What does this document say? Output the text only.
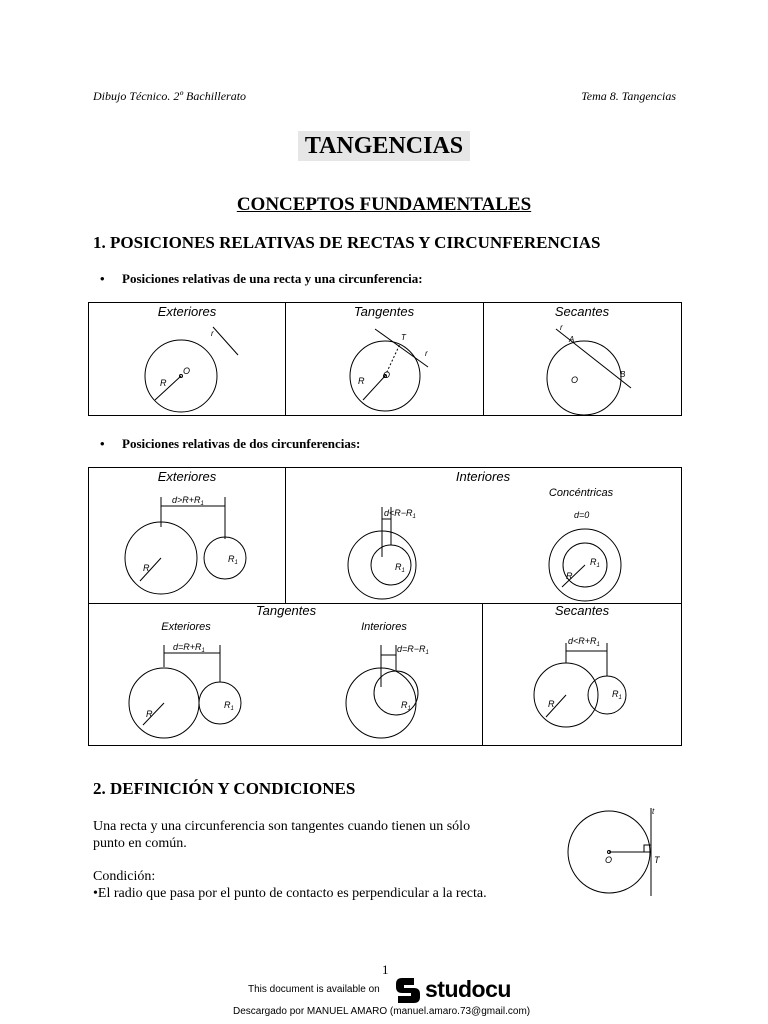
Dibujo Técnico. 2º Bachillerato	Tema 8. Tangencias
TANGENCIAS
CONCEPTOS FUNDAMENTALES
1. POSICIONES RELATIVAS DE RECTAS Y CIRCUNFERENCIAS
• Posiciones relativas de una recta y una circunferencia:
Exteriores	Tangentes	Secantes
r
O
R
T
r
O
R
r
A
B
O
• Posiciones relativas de dos circunferencias:
Exteriores	Interiores
Concéntricas
Tangentes
Exteriores	Interiores
Secantes
$d>R+R_1$
$d<R-R_1$	d=0
$d=R+R_1$	$d=R-R_1$
$d<R+R_1$
R
$R_1$	$R_1$	R
$R_1$
R
$R_1$	$R_1$	R
$R_1$
2. DEFINICIÓN Y CONDICIONES
Una recta y una circunferencia son tangentes cuando tienen un sólo
punto en común.
Condición:
•El radio que pasa por el punto de contacto es perpendicular a la recta.
t
O	T
1
This document is available on studocu
Descargado por MANUEL AMARO (manuel.amaro.73@gmail.com)
